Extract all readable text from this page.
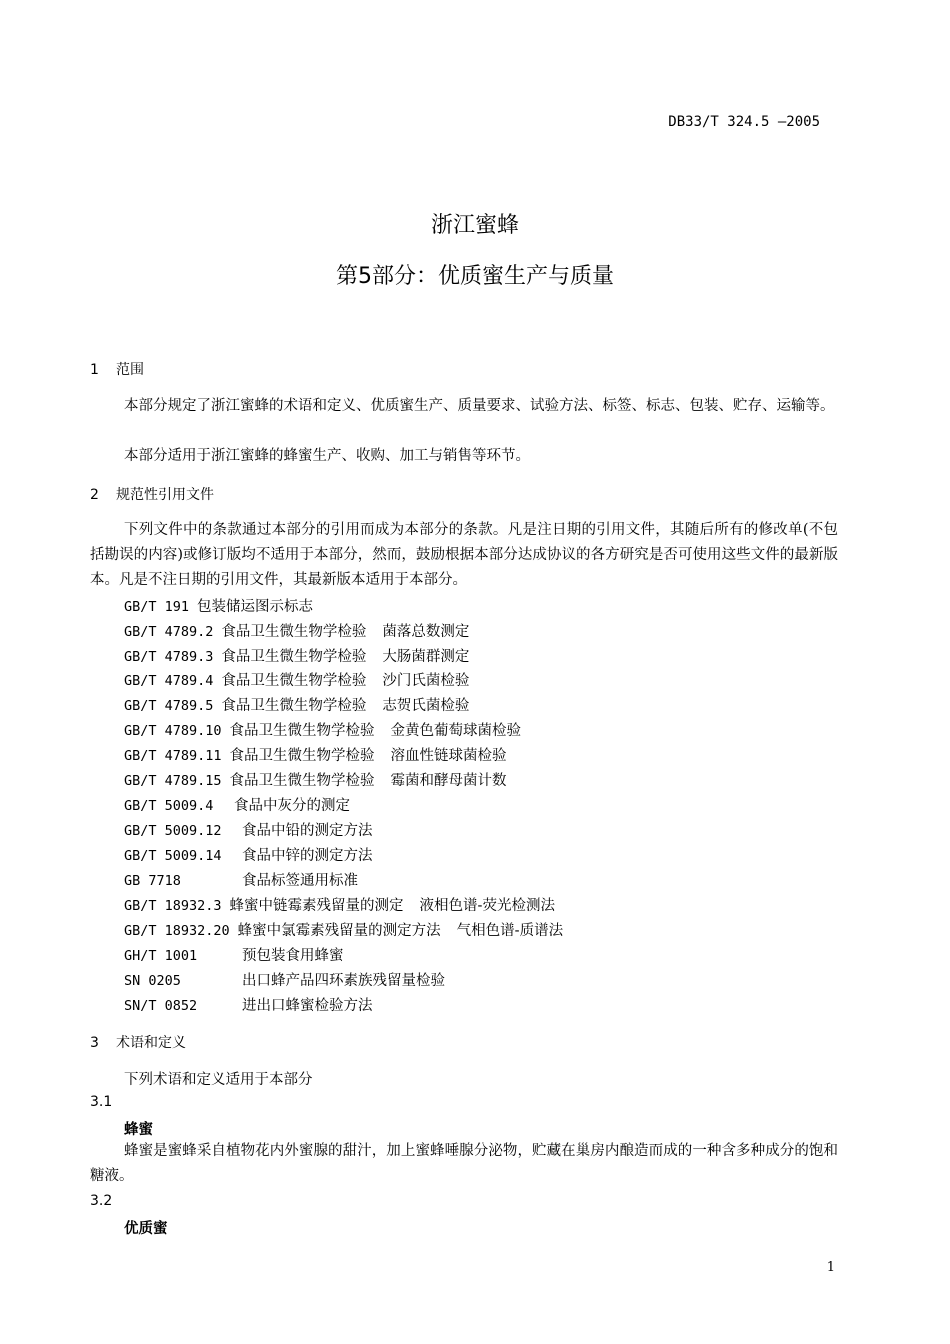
DB33/T 324.5 —2005
浙江蜜蜂
第5部分：优质蜜生产与质量
1 范围
本部分规定了浙江蜜蜂的术语和定义、优质蜜生产、质量要求、试验方法、标签、标志、包装、贮存、运输等。
本部分适用于浙江蜜蜂的蜂蜜生产、收购、加工与销售等环节。
2 规范性引用文件
下列文件中的条款通过本部分的引用而成为本部分的条款。凡是注日期的引用文件，其随后所有的修改单(不包括勘误的内容)或修订版均不适用于本部分，然而，鼓励根据本部分达成协议的各方研究是否可使用这些文件的最新版本。凡是不注日期的引用文件，其最新版本适用于本部分。
GB/T 191 包装储运图示标志
GB/T 4789.2 食品卫生微生物学检验 菌落总数测定
GB/T 4789.3 食品卫生微生物学检验 大肠菌群测定
GB/T 4789.4 食品卫生微生物学检验 沙门氏菌检验
GB/T 4789.5 食品卫生微生物学检验 志贺氏菌检验
GB/T 4789.10 食品卫生微生物学检验 金黄色葡萄球菌检验
GB/T 4789.11 食品卫生微生物学检验 溶血性链球菌检验
GB/T 4789.15 食品卫生微生物学检验 霉菌和酵母菌计数
GB/T 5009.4 食品中灰分的测定
GB/T 5009.12 食品中铅的测定方法
GB/T 5009.14 食品中锌的测定方法
GB 7718	食品标签通用标准
GB/T 18932.3 蜂蜜中链霉素残留量的测定 液相色谱-荧光检测法
GB/T 18932.20 蜂蜜中氯霉素残留量的测定方法 气相色谱-质谱法
GH/T 1001	预包装食用蜂蜜
SN 0205	出口蜂产品四环素族残留量检验
SN/T 0852	进出口蜂蜜检验方法
3 术语和定义
下列术语和定义适用于本部分
3.1
蜂蜜
蜂蜜是蜜蜂采自植物花内外蜜腺的甜汁，加上蜜蜂唾腺分泌物，贮藏在巢房内酿造而成的一种含多种成分的饱和糖液。
3.2
优质蜜
1
